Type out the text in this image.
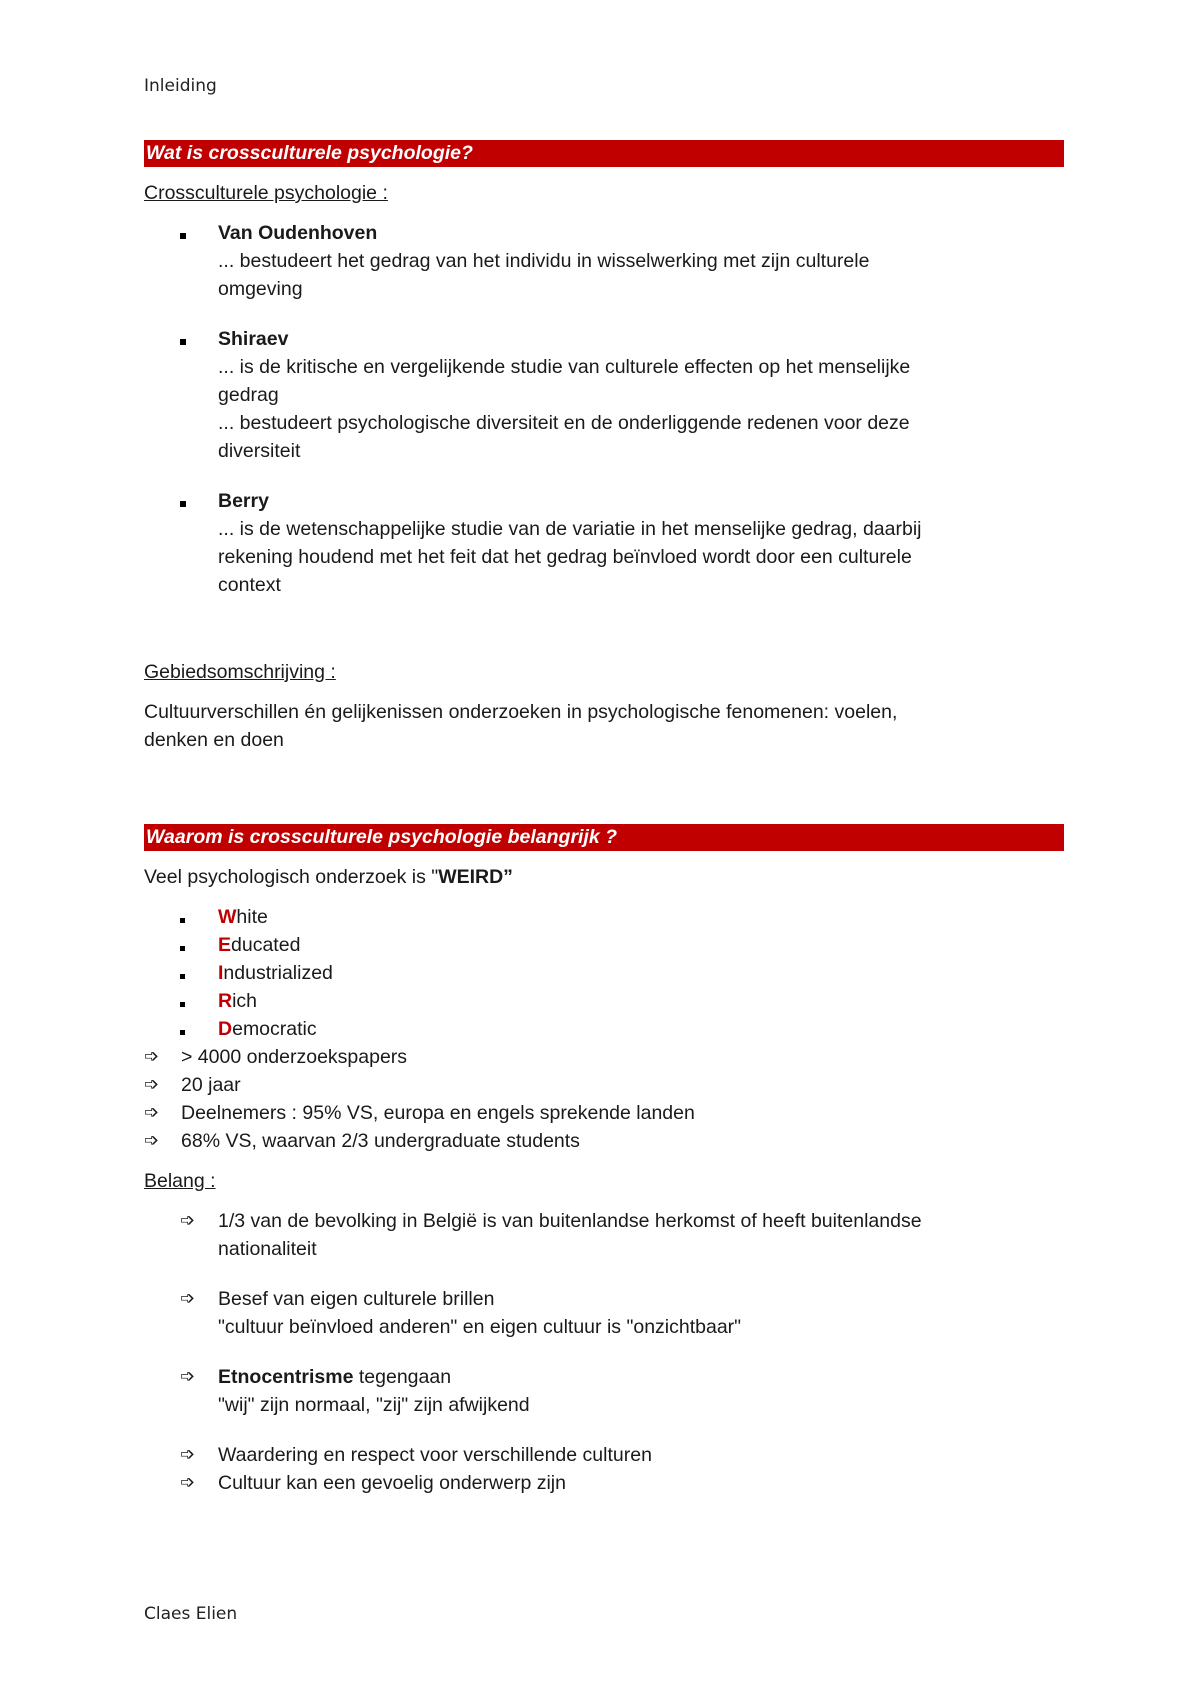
Inleiding
Wat is crossculturele psychologie?

Crossculturele psychologie :

Van Oudenhoven
... bestudeert het gedrag van het individu in wisselwerking met zijn culturele
omgeving
Shiraev
... is de kritische en vergelijkende studie van culturele effecten op het menselijke
gedrag
... bestudeert psychologische diversiteit en de onderliggende redenen voor deze
diversiteit
Berry
... is de wetenschappelijke studie van de variatie in het menselijke gedrag, daarbij
rekening houdend met het feit dat het gedrag beïnvloed wordt door een culturele
context

Gebiedsomschrijving :

Cultuurverschillen én gelijkenissen onderzoeken in psychologische fenomenen: voelen,

denken en doen

Waarom is crossculturele psychologie belangrijk ?

Veel psychologisch onderzoek is "WEIRD”

White
Educated
Industrialized
Rich
Democratic
➩ > 4000 onderzoekspapers
➩ 20 jaar
➩ Deelnemers : 95% VS, europa en engels sprekende landen
➩ 68% VS, waarvan 2/3 undergraduate students

Belang :

➩ 1/3 van de bevolking in België is van buitenlandse herkomst of heeft buitenlandse
nationaliteit
➩ Besef van eigen culturele brillen
"cultuur beïnvloed anderen" en eigen cultuur is "onzichtbaar"
➩ Etnocentrisme tegengaan
"wij" zijn normaal, "zij" zijn afwijkend
➩ Waardering en respect voor verschillende culturen
➩ Cultuur kan een gevoelig onderwerp zijn
Claes Elien
